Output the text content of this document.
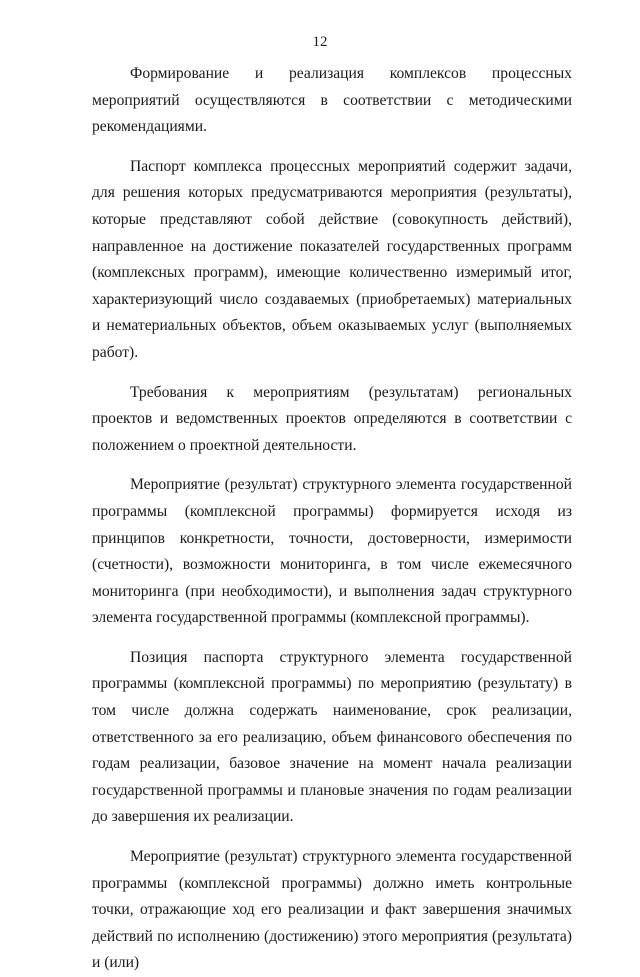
12

Формирование и реализация комплексов процессных мероприятий осуществляются в соответствии с методическими рекомендациями.

Паспорт комплекса процессных мероприятий содержит задачи, для решения которых предусматриваются мероприятия (результаты), которые представляют собой действие (совокупность действий), направленное на достижение показателей государственных программ (комплексных программ), имеющие количественно измеримый итог, характеризующий число создаваемых (приобретаемых) материальных и нематериальных объектов, объем оказываемых услуг (выполняемых работ).

Требования к мероприятиям (результатам) региональных проектов и ведомственных проектов определяются в соответствии с положением о проектной деятельности.

Мероприятие (результат) структурного элемента государственной программы (комплексной программы) формируется исходя из принципов конкретности, точности, достоверности, измеримости (счетности), возможности мониторинга, в том числе ежемесячного мониторинга (при необходимости), и выполнения задач структурного элемента государственной программы (комплексной программы).

Позиция паспорта структурного элемента государственной программы (комплексной программы) по мероприятию (результату) в том числе должна содержать наименование, срок реализации, ответственного за его реализацию, объем финансового обеспечения по годам реализации, базовое значение на момент начала реализации государственной программы и плановые значения по годам реализации до завершения их реализации.

Мероприятие (результат) структурного элемента государственной программы (комплексной программы) должно иметь контрольные точки, отражающие ход его реализации и факт завершения значимых действий по исполнению (достижению) этого мероприятия (результата) и (или)
